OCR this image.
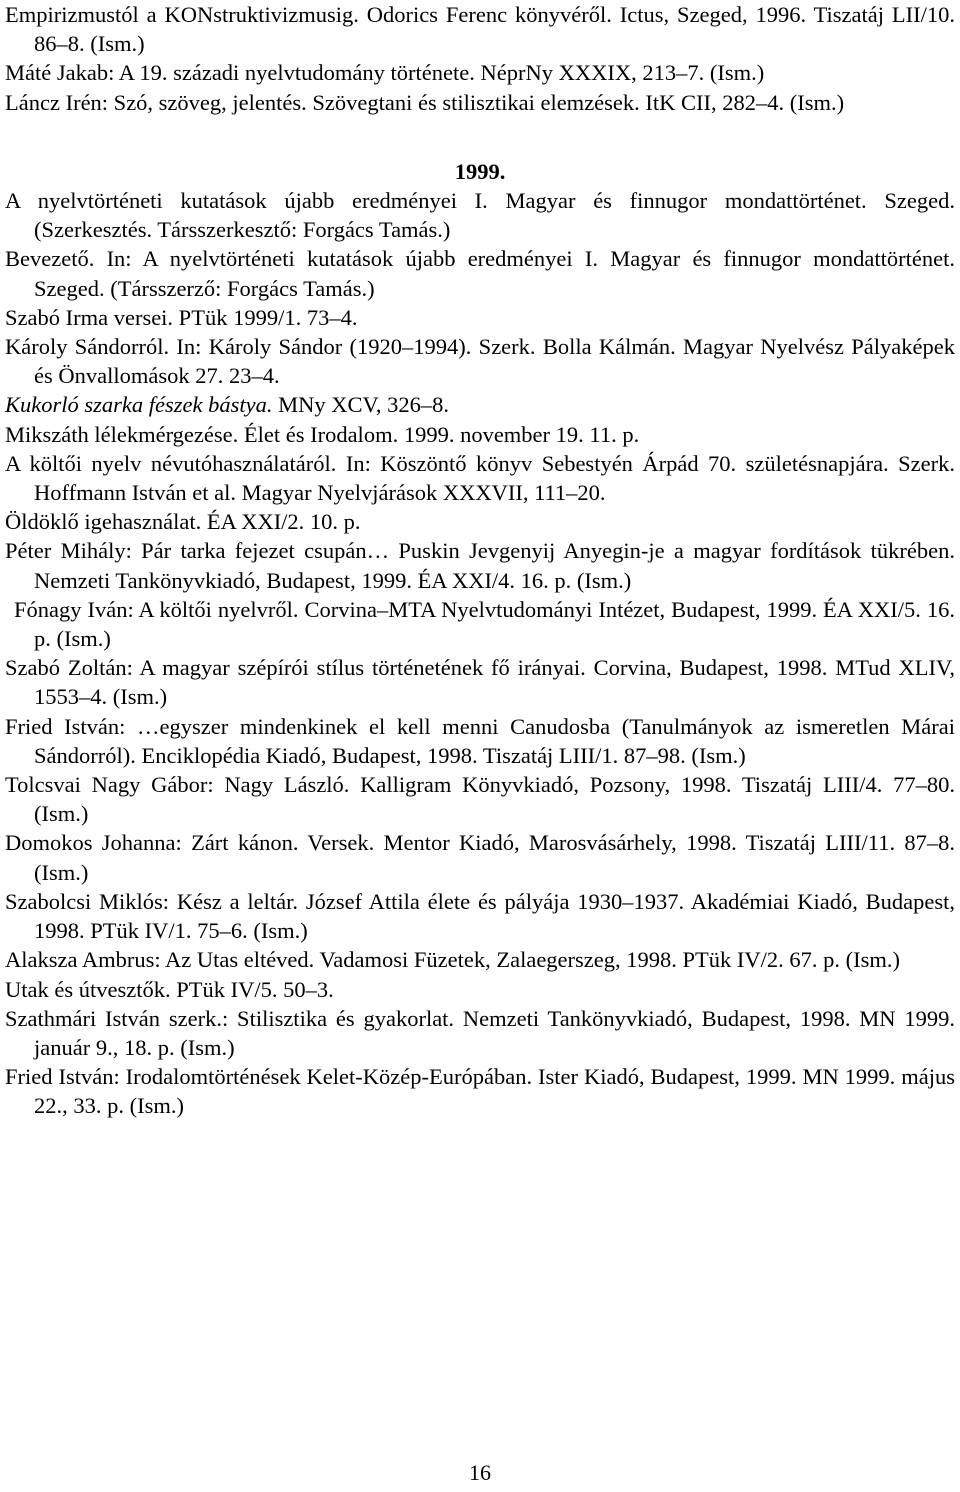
Empirizmustól a KONstruktivizmusig. Odorics Ferenc könyvéről. Ictus, Szeged, 1996. Tiszatáj LII/10. 86–8. (Ism.)

Máté Jakab: A 19. századi nyelvtudomány története. NéprNy XXXIX, 213–7. (Ism.)

Láncz Irén: Szó, szöveg, jelentés. Szövegtani és stilisztikai elemzések. ItK CII, 282–4. (Ism.)

1999.

A nyelvtörténeti kutatások újabb eredményei I. Magyar és finnugor mondattörténet. Szeged. (Szerkesztés. Társszerkesztő: Forgács Tamás.)

Bevezető. In: A nyelvtörténeti kutatások újabb eredményei I. Magyar és finnugor mondattörténet. Szeged. (Társszerző: Forgács Tamás.)

Szabó Irma versei. PTük 1999/1. 73–4.

Károly Sándorról. In: Károly Sándor (1920–1994). Szerk. Bolla Kálmán. Magyar Nyelvész Pályaképek és Önvallomások 27. 23–4.

Kukorló szarka fészek bástya. MNy XCV, 326–8.

Mikszáth lélekmérgezése. Élet és Irodalom. 1999. november 19. 11. p.

A költői nyelv névutóhasználatáról. In: Köszöntő könyv Sebestyén Árpád 70. születésnapjára. Szerk. Hoffmann István et al. Magyar Nyelvjárások XXXVII, 111–20.

Öldöklő igehasználat. ÉA XXI/2. 10. p.

Péter Mihály: Pár tarka fejezet csupán… Puskin Jevgenyij Anyegin-je a magyar fordítások tükrében. Nemzeti Tankönyvkiadó, Budapest, 1999. ÉA XXI/4. 16. p. (Ism.)

Fónagy Iván: A költői nyelvről. Corvina–MTA Nyelvtudományi Intézet, Budapest, 1999. ÉA XXI/5. 16. p. (Ism.)

Szabó Zoltán: A magyar szépírói stílus történetének fő irányai. Corvina, Budapest, 1998. MTud XLIV, 1553–4. (Ism.)

Fried István: …egyszer mindenkinek el kell menni Canudosba (Tanulmányok az ismeretlen Márai Sándorról). Enciklopédia Kiadó, Budapest, 1998. Tiszatáj LIII/1. 87–98. (Ism.)

Tolcsvai Nagy Gábor: Nagy László. Kalligram Könyvkiadó, Pozsony, 1998. Tiszatáj LIII/4. 77–80. (Ism.)

Domokos Johanna: Zárt kánon. Versek. Mentor Kiadó, Marosvásárhely, 1998. Tiszatáj LIII/11. 87–8. (Ism.)

Szabolcsi Miklós: Kész a leltár. József Attila élete és pályája 1930–1937. Akadémiai Kiadó, Budapest, 1998. PTük IV/1. 75–6. (Ism.)

Alaksza Ambrus: Az Utas eltéved. Vadamosi Füzetek, Zalaegerszeg, 1998. PTük IV/2. 67. p. (Ism.)

Utak és útvesztők. PTük IV/5. 50–3.

Szathmári István szerk.: Stilisztika és gyakorlat. Nemzeti Tankönyvkiadó, Budapest, 1998. MN 1999. január 9., 18. p. (Ism.)

Fried István: Irodalomtörténések Kelet-Közép-Európában. Ister Kiadó, Budapest, 1999. MN 1999. május 22., 33. p. (Ism.)

16
